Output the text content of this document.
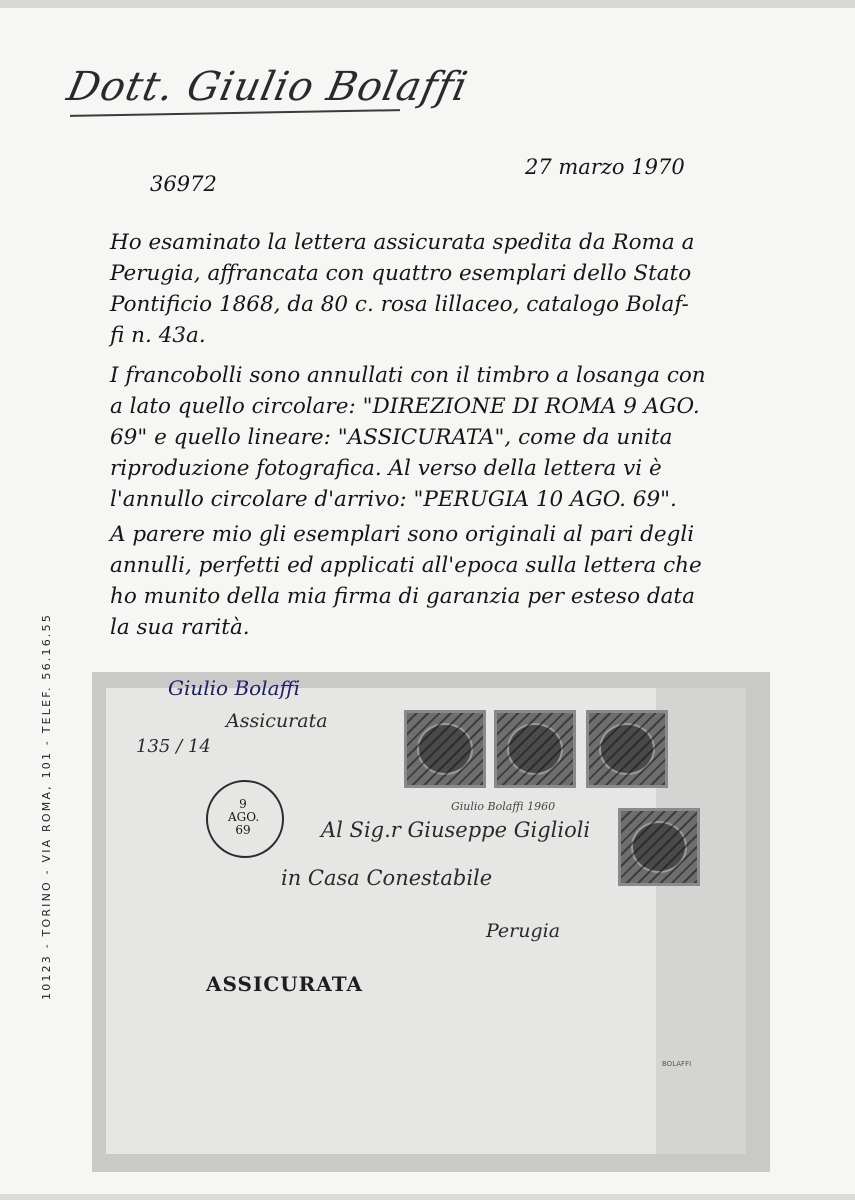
Dott. Giulio Bolaffi
36972
27 marzo 1970

Ho esaminato la lettera assicurata spedita da Roma a
Perugia, affrancata con quattro esemplari dello Stato
Pontificio 1868, da 80 c. rosa lillaceo, catalogo Bolaf-
fi n. 43a.

I francobolli sono annullati con il timbro a losanga con
a lato quello circolare: "DIREZIONE DI ROMA 9 AGO.
69" e quello lineare: "ASSICURATA", come da unita
riproduzione fotografica. Al verso della lettera vi è
l'annullo circolare d'arrivo: "PERUGIA 10 AGO. 69".

A parere mio gli esemplari sono originali al pari degli
annulli, perfetti ed applicati all'epoca sulla lettera che
ho munito della mia firma di garanzia per esteso data
la sua rarità.

10123 - TORINO - VIA ROMA, 101 - TELEF. 56.16.55	135 / 14
Assicurata
9
AGO.
69
Giulio Bolaffi 1960
Al Sig.r Giuseppe Giglioli
in Casa Conestabile
Perugia
ASSICURATA
BOLAFFI
Giulio Bolaffi
